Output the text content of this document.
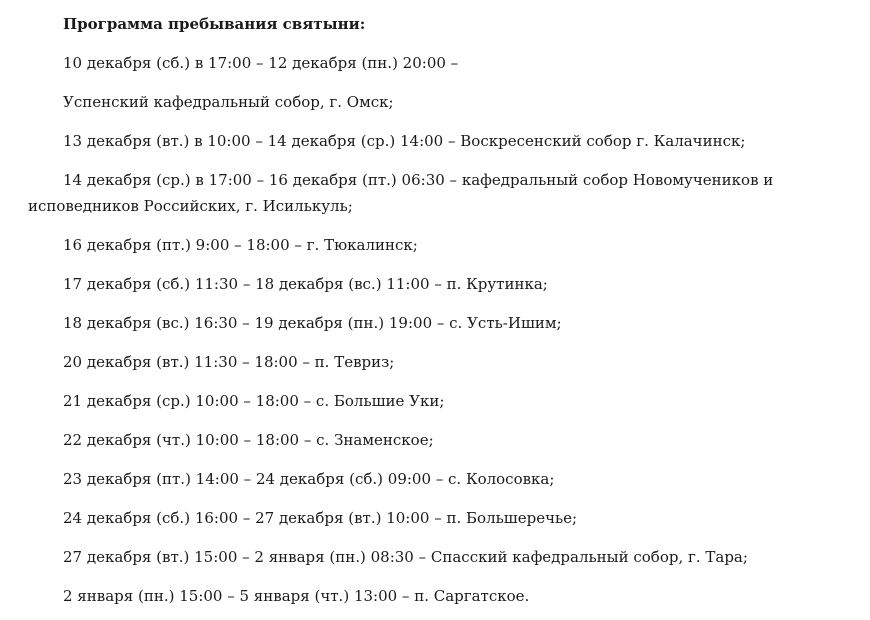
Программа пребывания святыни:

10 декабря (сб.) в 17:00 – 12 декабря (пн.) 20:00 –

Успенский кафедральный собор, г. Омск;

13 декабря (вт.) в 10:00 – 14 декабря (ср.) 14:00 – Воскресенский собор г. Калачинск;

14 декабря (ср.) в 17:00 – 16 декабря (пт.) 06:30 – кафедральный собор Новомучеников и исповедников Российских, г. Исилькуль;

16 декабря (пт.) 9:00 – 18:00 – г. Тюкалинск;

17 декабря (сб.) 11:30 – 18 декабря (вс.) 11:00 – п. Крутинка;

18 декабря (вс.) 16:30 – 19 декабря (пн.) 19:00 – с. Усть-Ишим;

20 декабря (вт.) 11:30 – 18:00 – п. Тевриз;

21 декабря (ср.) 10:00 – 18:00 – с. Большие Уки;

22 декабря (чт.) 10:00 – 18:00 – с. Знаменское;

23 декабря (пт.) 14:00 – 24 декабря (сб.) 09:00 – с. Колосовка;

24 декабря (сб.) 16:00 – 27 декабря (вт.) 10:00 – п. Большеречье;

27 декабря (вт.) 15:00 – 2 января (пн.) 08:30 – Спасский кафедральный собор, г. Тара;

2 января (пн.) 15:00 – 5 января (чт.) 13:00 – п. Саргатское.
